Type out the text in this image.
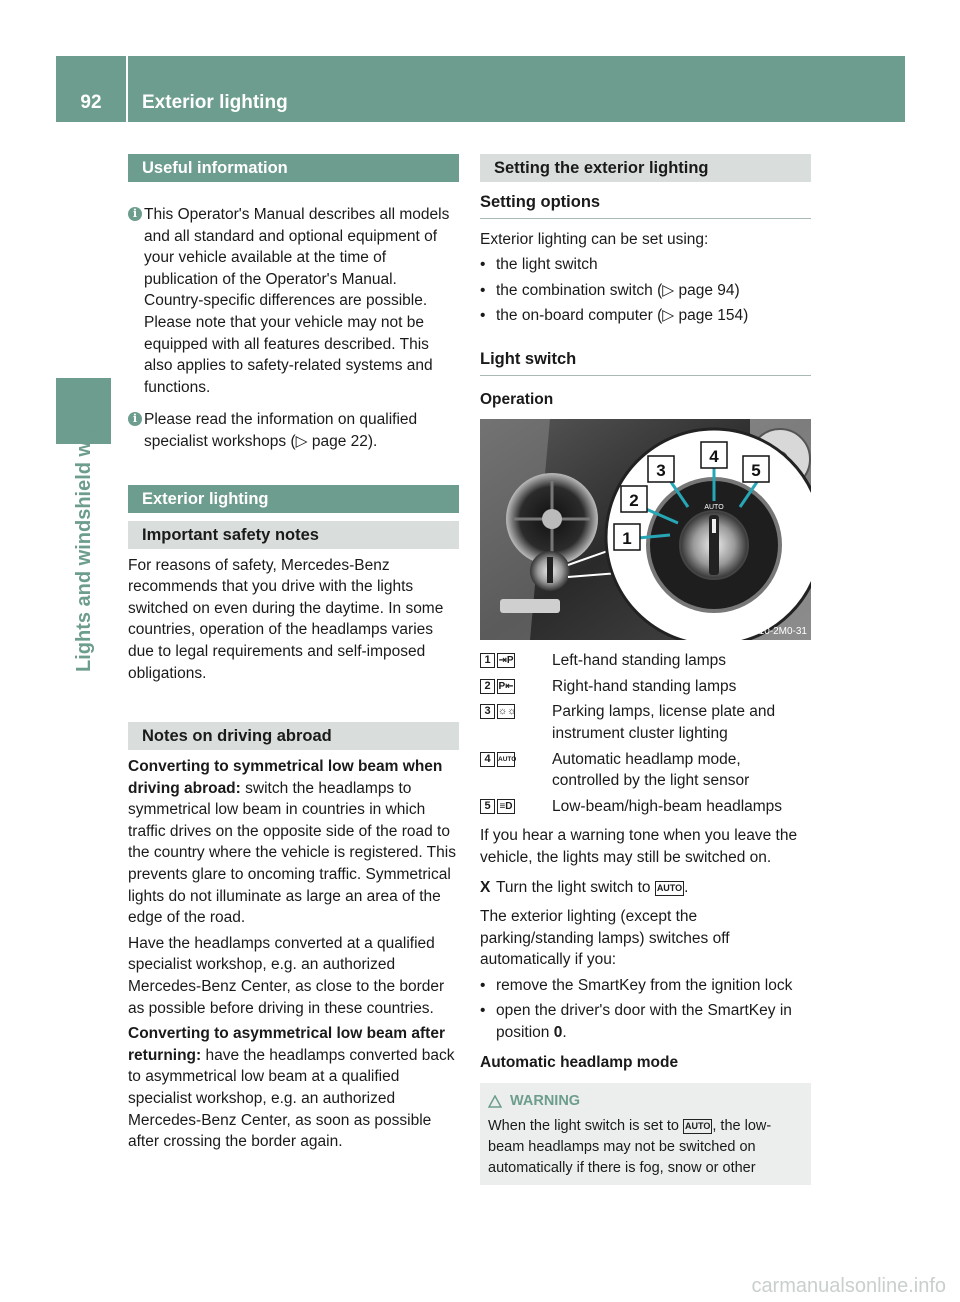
92	Exterior lighting
Lights and windshield wipers
Useful information
i This Operator's Manual describes all models and all standard and optional equipment of your vehicle available at the time of publication of the Operator's Manual. Country-specific differences are possible. Please note that your vehicle may not be equipped with all features described. This also applies to safety-related systems and functions.

i Please read the information on qualified specialist workshops (▷ page 22).

Exterior lighting
Important safety notes

For reasons of safety, Mercedes-Benz recommends that you drive with the lights switched on even during the daytime. In some countries, operation of the headlamps varies due to legal requirements and self-imposed obligations.

Notes on driving abroad

Converting to symmetrical low beam when driving abroad: switch the headlamps to symmetrical low beam in countries in which traffic drives on the opposite side of the road to the country where the vehicle is registered. This prevents glare to oncoming traffic. Symmetrical lights do not illuminate as large an area of the edge of the road.

Have the headlamps converted at a qualified specialist workshop, e.g. an authorized Mercedes-Benz Center, as close to the border as possible before driving in these countries.

Converting to asymmetrical low beam after returning: have the headlamps converted back to asymmetrical low beam at a qualified specialist workshop, e.g. an authorized Mercedes-Benz Center, as soon as possible after crossing the border again.

Setting the exterior lighting
Setting options

Exterior lighting can be set using:

• the light switch
• the combination switch (▷ page 94)
• the on-board computer (▷ page 154)
Light switch
Operation
AUTO
1
2
3
4
5
P82.10-2M0-31
1 ⇥P Left-hand standing lamps

2 P⇤ Right-hand standing lamps

3 ☼☼ Parking lamps, license plate and instrument cluster lighting

4	AUTO Automatic headlamp mode, controlled by the light sensor

5 ≡D	Low-beam/high-beam headlamps

If you hear a warning tone when you leave the vehicle, the lights may still be switched on.

X Turn the light switch to AUTO .

The exterior lighting (except the parking/standing lamps) switches off automatically if you:

• remove the SmartKey from the ignition lock
• open the driver's door with the SmartKey in position 0.
Automatic headlamp mode
WARNING

When the light switch is set to AUTO , the low-beam headlamps may not be switched on automatically if there is fog, snow or other

carmanualsonline.info
